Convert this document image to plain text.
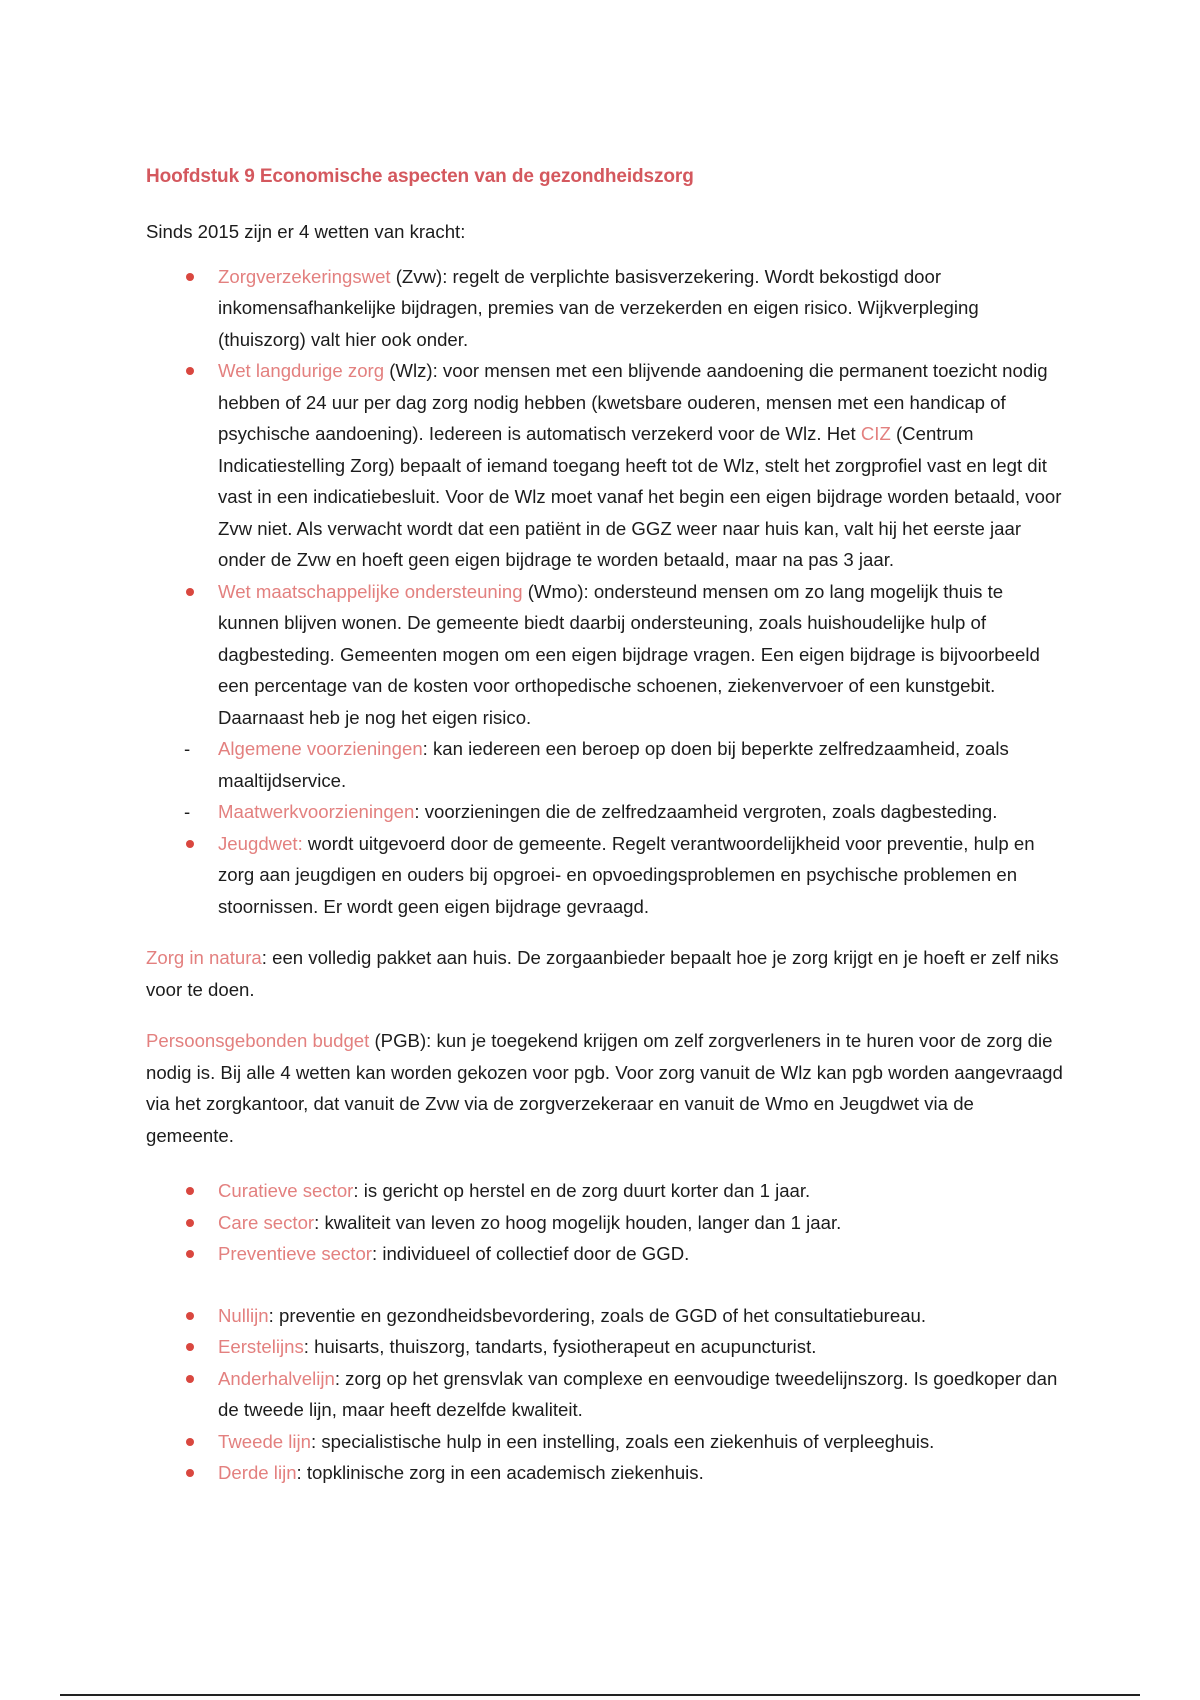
Hoofdstuk 9 Economische aspecten van de gezondheidszorg

Sinds 2015 zijn er 4 wetten van kracht:

Zorgverzekeringswet (Zvw): regelt de verplichte basisverzekering. Wordt bekostigd door inkomensafhankelijke bijdragen, premies van de verzekerden en eigen risico. Wijkverpleging (thuiszorg) valt hier ook onder.
Wet langdurige zorg (Wlz): voor mensen met een blijvende aandoening die permanent toezicht nodig hebben of 24 uur per dag zorg nodig hebben (kwetsbare ouderen, mensen met een handicap of psychische aandoening). Iedereen is automatisch verzekerd voor de Wlz. Het CIZ (Centrum Indicatiestelling Zorg) bepaalt of iemand toegang heeft tot de Wlz, stelt het zorgprofiel vast en legt dit vast in een indicatiebesluit. Voor de Wlz moet vanaf het begin een eigen bijdrage worden betaald, voor Zvw niet. Als verwacht wordt dat een patiënt in de GGZ weer naar huis kan, valt hij het eerste jaar onder de Zvw en hoeft geen eigen bijdrage te worden betaald, maar na pas 3 jaar.
Wet maatschappelijke ondersteuning (Wmo): ondersteund mensen om zo lang mogelijk thuis te kunnen blijven wonen. De gemeente biedt daarbij ondersteuning, zoals huishoudelijke hulp of dagbesteding. Gemeenten mogen om een eigen bijdrage vragen. Een eigen bijdrage is bijvoorbeeld een percentage van de kosten voor orthopedische schoenen, ziekenvervoer of een kunstgebit. Daarnaast heb je nog het eigen risico.
- Algemene voorzieningen: kan iedereen een beroep op doen bij beperkte zelfredzaamheid, zoals maaltijdservice.
- Maatwerkvoorzieningen: voorzieningen die de zelfredzaamheid vergroten, zoals dagbesteding.
Jeugdwet: wordt uitgevoerd door de gemeente. Regelt verantwoordelijkheid voor preventie, hulp en zorg aan jeugdigen en ouders bij opgroei- en opvoedingsproblemen en psychische problemen en stoornissen. Er wordt geen eigen bijdrage gevraagd.

Zorg in natura: een volledig pakket aan huis. De zorgaanbieder bepaalt hoe je zorg krijgt en je hoeft er zelf niks voor te doen.

Persoonsgebonden budget (PGB): kun je toegekend krijgen om zelf zorgverleners in te huren voor de zorg die nodig is. Bij alle 4 wetten kan worden gekozen voor pgb. Voor zorg vanuit de Wlz kan pgb worden aangevraagd via het zorgkantoor, dat vanuit de Zvw via de zorgverzekeraar en vanuit de Wmo en Jeugdwet via de gemeente.

Curatieve sector: is gericht op herstel en de zorg duurt korter dan 1 jaar.
Care sector: kwaliteit van leven zo hoog mogelijk houden, langer dan 1 jaar.
Preventieve sector: individueel of collectief door de GGD.
Nullijn: preventie en gezondheidsbevordering, zoals de GGD of het consultatiebureau.
Eerstelijns: huisarts, thuiszorg, tandarts, fysiotherapeut en acupuncturist.
Anderhalvelijn: zorg op het grensvlak van complexe en eenvoudige tweedelijnszorg. Is goedkoper dan de tweede lijn, maar heeft dezelfde kwaliteit.
Tweede lijn: specialistische hulp in een instelling, zoals een ziekenhuis of verpleeghuis.
Derde lijn: topklinische zorg in een academisch ziekenhuis.
